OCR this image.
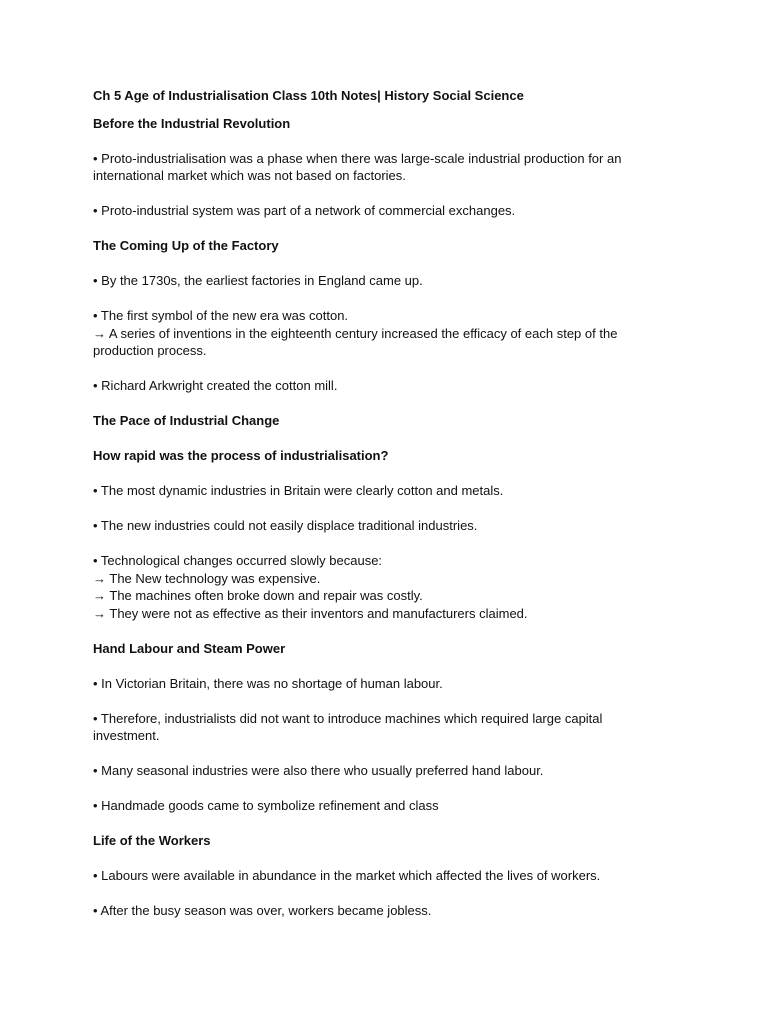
Ch 5 Age of Industrialisation Class 10th Notes| History Social Science

Before the Industrial Revolution

• Proto-industrialisation was a phase when there was large-scale industrial production for an international market which was not based on factories.

• Proto-industrial system was part of a network of commercial exchanges.

The Coming Up of the Factory

• By the 1730s, the earliest factories in England came up.

• The first symbol of the new era was cotton.
→ A series of inventions in the eighteenth century increased the efficacy of each step of the production process.

• Richard Arkwright created the cotton mill.

The Pace of Industrial Change

How rapid was the process of industrialisation?

• The most dynamic industries in Britain were clearly cotton and metals.

• The new industries could not easily displace traditional industries.

• Technological changes occurred slowly because:
→ The New technology was expensive.
→ The machines often broke down and repair was costly.
→ They were not as effective as their inventors and manufacturers claimed.

Hand Labour and Steam Power

• In Victorian Britain, there was no shortage of human labour.

• Therefore, industrialists did not want to introduce machines which required large capital investment.

• Many seasonal industries were also there who usually preferred hand labour.

• Handmade goods came to symbolize refinement and class

Life of the Workers

• Labours were available in abundance in the market which affected the lives of workers.

• After the busy season was over, workers became jobless.
